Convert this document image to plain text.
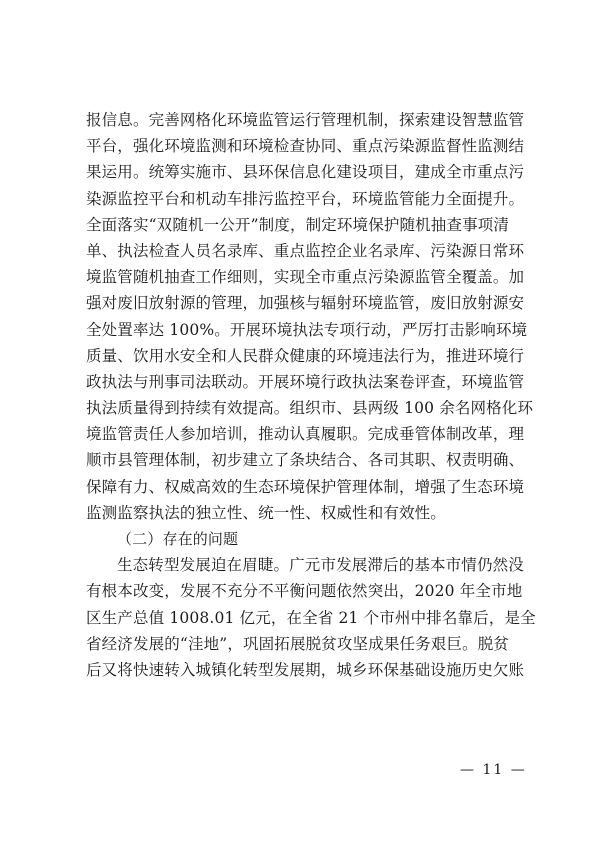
报信息。完善网格化环境监管运行管理机制，探索建设智慧监管
平台，强化环境监测和环境检查协同、重点污染源监督性监测结
果运用。统筹实施市、县环保信息化建设项目，建成全市重点污
染源监控平台和机动车排污监控平台，环境监管能力全面提升。
全面落实“双随机一公开”制度，制定环境保护随机抽查事项清
单、执法检查人员名录库、重点监控企业名录库、污染源日常环
境监管随机抽查工作细则，实现全市重点污染源监管全覆盖。加
强对废旧放射源的管理，加强核与辐射环境监管，废旧放射源安
全处置率达 100%。开展环境执法专项行动，严厉打击影响环境
质量、饮用水安全和人民群众健康的环境违法行为，推进环境行
政执法与刑事司法联动。开展环境行政执法案卷评查，环境监管
执法质量得到持续有效提高。组织市、县两级 100 余名网格化环
境监管责任人参加培训，推动认真履职。完成垂管体制改革，理
顺市县管理体制，初步建立了条块结合、各司其职、权责明确、
保障有力、权威高效的生态环境保护管理体制，增强了生态环境
监测监察执法的独立性、统一性、权威性和有效性。
（二）存在的问题
生态转型发展迫在眉睫。广元市发展滞后的基本市情仍然没
有根本改变，发展不充分不平衡问题依然突出，2020 年全市地
区生产总值 1008.01 亿元，在全省 21 个市州中排名靠后，是全
省经济发展的“洼地”，巩固拓展脱贫攻坚成果任务艰巨。脱贫
后又将快速转入城镇化转型发展期，城乡环保基础设施历史欠账
— 11 —
